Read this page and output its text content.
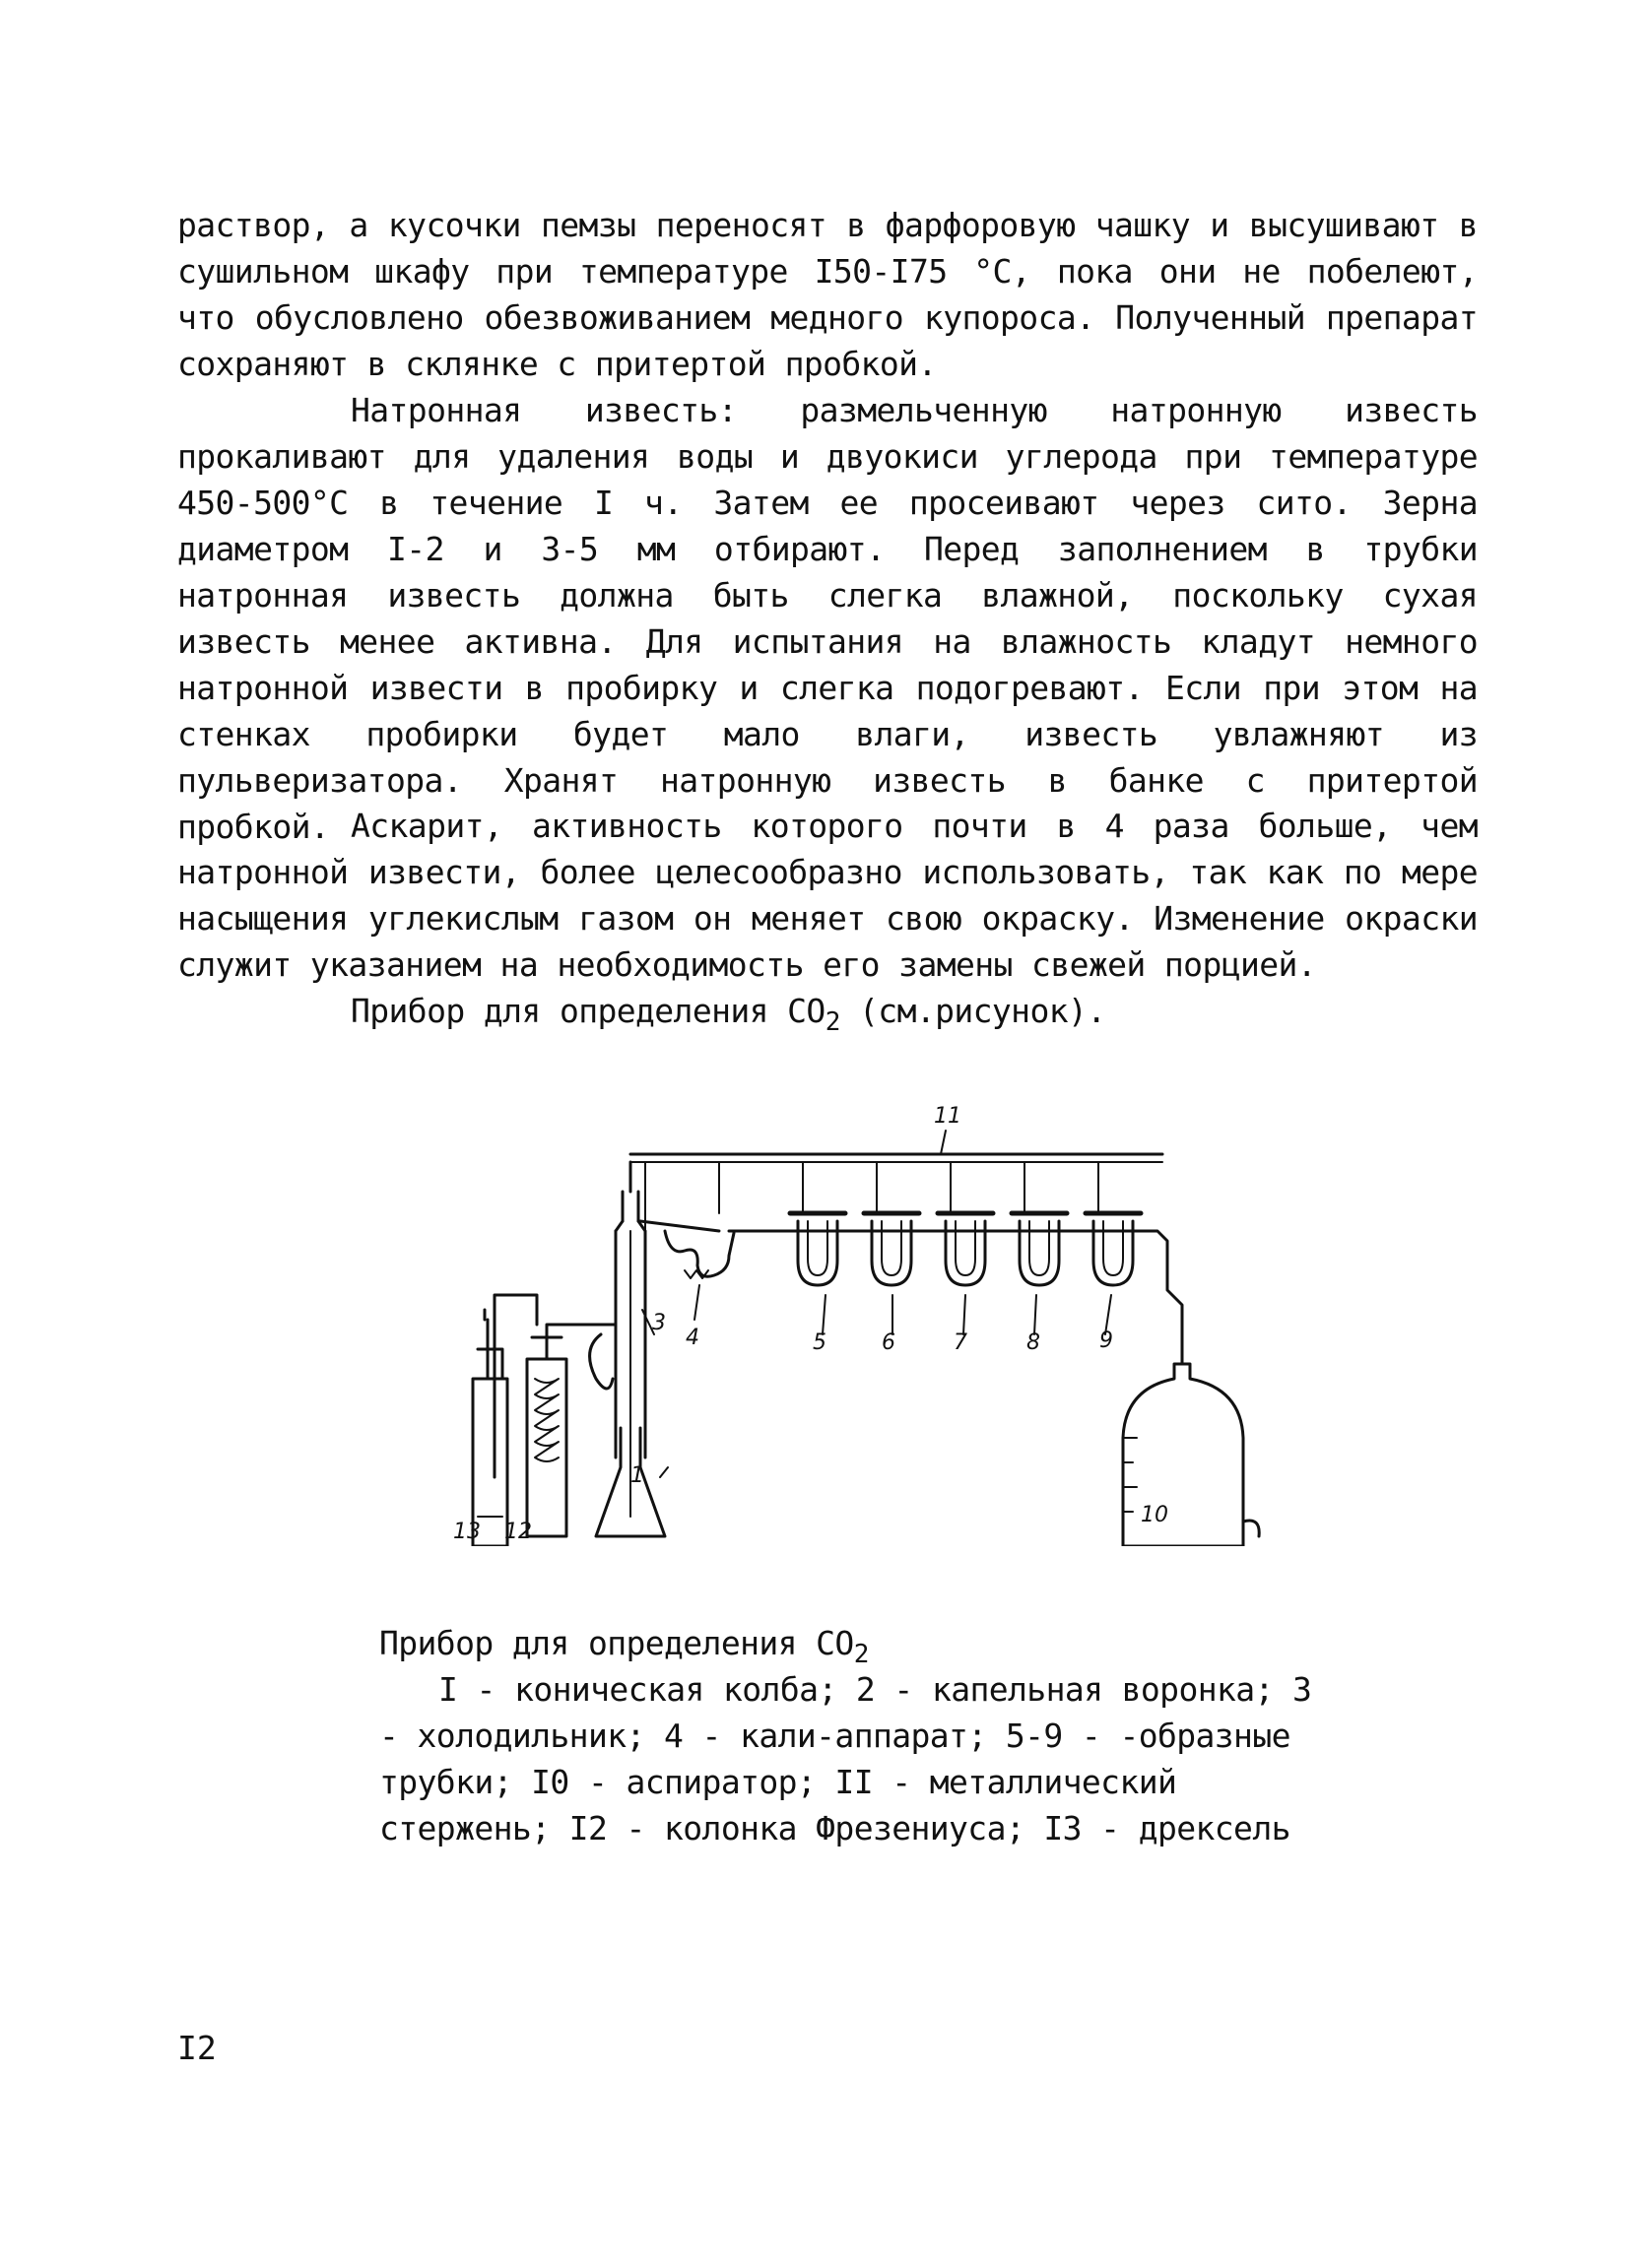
раствор, а кусочки пемзы переносят в фарфоровую чашку и высушивают в сушильном шкафу при температуре I50-I75 °С, пока они не побелеют, что обусловлено обезвоживанием медного купороса. Полученный препарат сохраняют в склянке с притертой пробкой.

Натронная известь: размельченную натронную известь прокаливают для удаления воды и двуокиси углерода при температуре 450-500°С в течение I ч. Затем ее просеивают через сито. Зерна диаметром I-2 и 3-5 мм отбирают. Перед заполнением в трубки натронная известь должна быть слегка влажной, поскольку сухая известь менее активна. Для испытания на влажность кладут немного натронной извести в пробирку и слегка подогревают. Если при этом на стенках пробирки будет мало влаги, известь увлажняют из пульверизатора. Хранят натронную известь в банке с притертой пробкой. Аскарит, активность которого почти в 4 раза больше, чем натронной извести, более целесообразно использовать, так как по мере насыщения углекислым газом он меняет свою окраску. Изменение окраски служит указанием на необходимость его замены свежей порцией.

Прибор для определения $СО_2$ (см.рисунок).
1
3
4	5	6	7	8	9
10
11
12
13
Прибор для определения $СО_2$
I - коническая колба; 2 - капельная воронка; 3 - холодильник; 4 - кали-аппарат; 5-9 - -образные трубки; I0 - аспиратор; II - металлический стержень; I2 - колонка Фрезениуса; I3 - дрексель
I2
